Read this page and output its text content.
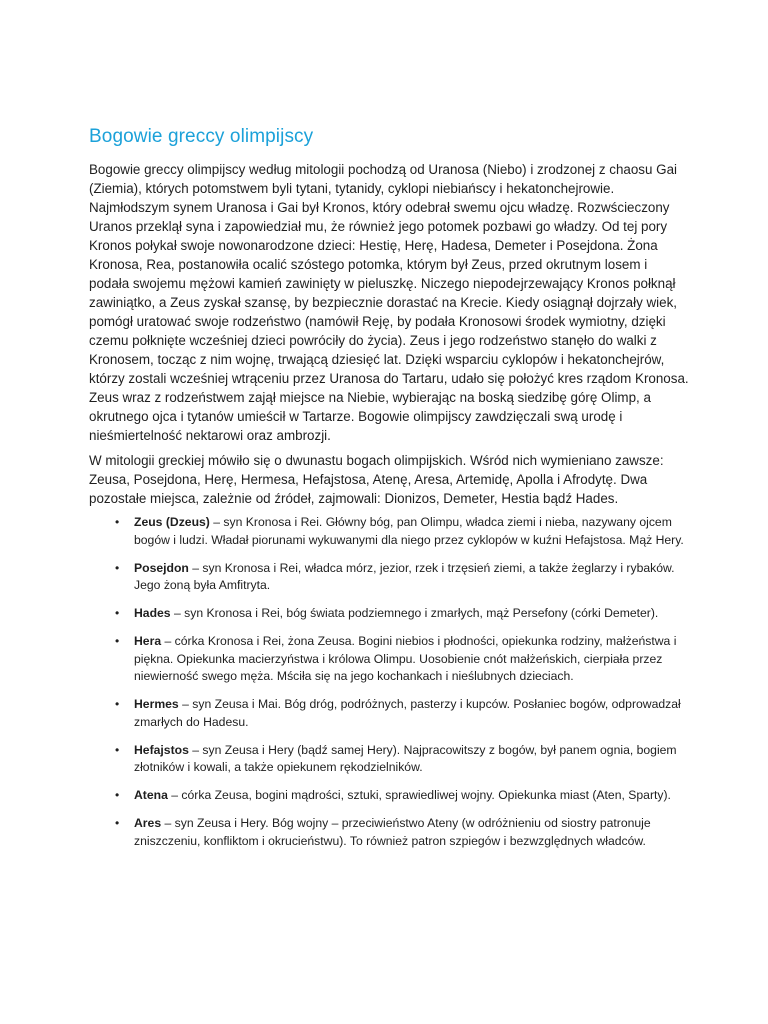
Bogowie greccy olimpijscy

Bogowie greccy olimpijscy według mitologii pochodzą od Uranosa (Niebo) i zrodzonej z chaosu Gai (Ziemia), których potomstwem byli tytani, tytanidy, cyklopi niebiańscy i hekatonchejrowie. Najmłodszym synem Uranosa i Gai był Kronos, który odebrał swemu ojcu władzę. Rozwścieczony Uranos przeklął syna i zapowiedział mu, że również jego potomek pozbawi go władzy. Od tej pory Kronos połykał swoje nowonarodzone dzieci: Hestię, Herę, Hadesa, Demeter i Posejdona. Żona Kronosa, Rea, postanowiła ocalić szóstego potomka, którym był Zeus, przed okrutnym losem i podała swojemu mężowi kamień zawinięty w pieluszkę. Niczego niepodejrzewający Kronos połknął zawiniątko, a Zeus zyskał szansę, by bezpiecznie dorastać na Krecie. Kiedy osiągnął dojrzały wiek, pomógł uratować swoje rodzeństwo (namówił Reję, by podała Kronosowi środek wymiotny, dzięki czemu połknięte wcześniej dzieci powróciły do życia). Zeus i jego rodzeństwo stanęło do walki z Kronosem, tocząc z nim wojnę, trwającą dziesięć lat. Dzięki wsparciu cyklopów i hekatonchejrów, którzy zostali wcześniej wtrąceniu przez Uranosa do Tartaru, udało się położyć kres rządom Kronosa. Zeus wraz z rodzeństwem zajął miejsce na Niebie, wybierając na boską siedzibę górę Olimp, a okrutnego ojca i tytanów umieścił w Tartarze. Bogowie olimpijscy zawdzięczali swą urodę i nieśmiertelność nektarowi oraz ambrozji.

W mitologii greckiej mówiło się o dwunastu bogach olimpijskich. Wśród nich wymieniano zawsze: Zeusa, Posejdona, Herę, Hermesa, Hefajstosa, Atenę, Aresa, Artemidę, Apolla i Afrodytę. Dwa pozostałe miejsca, zależnie od źródeł, zajmowali: Dionizos, Demeter, Hestia bądź Hades.

• Zeus (Dzeus) – syn Kronosa i Rei. Główny bóg, pan Olimpu, władca ziemi i nieba, nazywany ojcem bogów i ludzi. Władał piorunami wykuwanymi dla niego przez cyklopów w kuźni Hefajstosa. Mąż Hery.
• Posejdon – syn Kronosa i Rei, władca mórz, jezior, rzek i trzęsień ziemi, a także żeglarzy i rybaków. Jego żoną była Amfitryta.
• Hades – syn Kronosa i Rei, bóg świata podziemnego i zmarłych, mąż Persefony (córki Demeter).
• Hera – córka Kronosa i Rei, żona Zeusa. Bogini niebios i płodności, opiekunka rodziny, małżeństwa i piękna. Opiekunka macierzyństwa i królowa Olimpu. Uosobienie cnót małżeńskich, cierpiała przez niewierność swego męża. Mściła się na jego kochankach i nieślubnych dzieciach.
• Hermes – syn Zeusa i Mai. Bóg dróg, podróżnych, pasterzy i kupców. Posłaniec bogów, odprowadzał zmarłych do Hadesu.
• Hefajstos – syn Zeusa i Hery (bądź samej Hery). Najpracowitszy z bogów, był panem ognia, bogiem złotników i kowali, a także opiekunem rękodzielników.
• Atena – córka Zeusa, bogini mądrości, sztuki, sprawiedliwej wojny. Opiekunka miast (Aten, Sparty).
• Ares – syn Zeusa i Hery. Bóg wojny – przeciwieństwo Ateny (w odróżnieniu od siostry patronuje zniszczeniu, konfliktom i okrucieństwu). To również patron szpiegów i bezwzględnych władców.
